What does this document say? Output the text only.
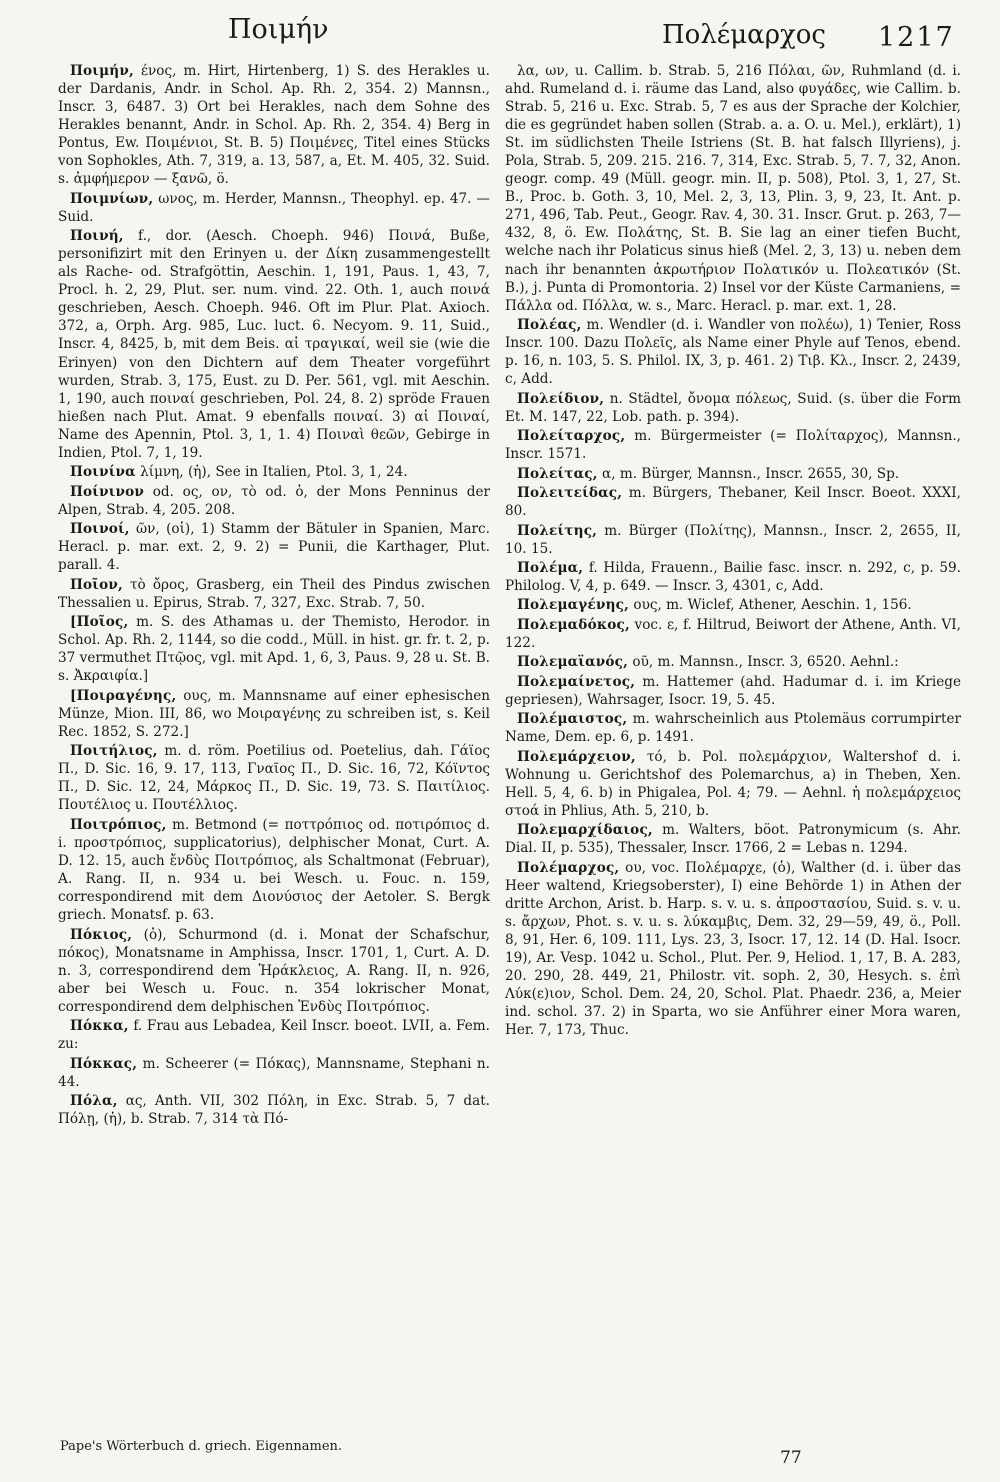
Ποιμήν	Πολέμαρχος 1217

Ποιμήν, ένος, m. Hirt, Hirtenberg, 1) S. des Herakles u. der Dardanis, Andr. in Schol. Ap. Rh. 2, 354. 2) Mannsn., Inscr. 3, 6487. 3) Ort bei Herakles, nach dem Sohne des Herakles benannt, Andr. in Schol. Ap. Rh. 2, 354. 4) Berg in Pontus, Ew. Ποιμένιοι, St. B. 5) Ποιμένες, Titel eines Stücks von Sophokles, Ath. 7, 319, a. 13, 587, a, Et. M. 405, 32. Suid. s. ἀμφήμερον — ξανῶ, ö.

Ποιμνίων, ωνος, m. Herder, Mannsn., Theophyl. ep. 47. — Suid.

Ποινή, f., dor. (Aesch. Choeph. 946) Ποινά, Buße, personifizirt mit den Erinyen u. der Δίκη zusammengestellt als Rache- od. Strafgöttin, Aeschin. 1, 191, Paus. 1, 43, 7, Procl. h. 2, 29, Plut. ser. num. vind. 22. Oth. 1, auch ποινά geschrieben, Aesch. Choeph. 946. Oft im Plur. Plat. Axioch. 372, a, Orph. Arg. 985, Luc. luct. 6. Necyom. 9. 11, Suid., Inscr. 4, 8425, b, mit dem Beis. αἱ τραγικαί, weil sie (wie die Erinyen) von den Dichtern auf dem Theater vorgeführt wurden, Strab. 3, 175, Eust. zu D. Per. 561, vgl. mit Aeschin. 1, 190, auch ποιναί geschrieben, Pol. 24, 8. 2) spröde Frauen hießen nach Plut. Amat. 9 ebenfalls ποιναί. 3) αἱ Ποιναί, Name des Apennin, Ptol. 3, 1, 1. 4) Ποιναὶ θεῶν, Gebirge in Indien, Ptol. 7, 1, 19.

Ποινίνα λίμνη, (ἡ), See in Italien, Ptol. 3, 1, 24.

Ποίνινον od. ος, ον, τὸ od. ὁ, der Mons Penninus der Alpen, Strab. 4, 205. 208.

Ποινοί, ῶν, (οἱ), 1) Stamm der Bätuler in Spanien, Marc. Heracl. p. mar. ext. 2, 9. 2) = Punii, die Karthager, Plut. parall. 4.

Ποῖον, τὸ ὄρος, Grasberg, ein Theil des Pindus zwischen Thessalien u. Epirus, Strab. 7, 327, Exc. Strab. 7, 50.

[Ποῖος, m. S. des Athamas u. der Themisto, Herodor. in Schol. Ap. Rh. 2, 1144, so die codd., Müll. in hist. gr. fr. t. 2, p. 37 vermuthet Πτῷος, vgl. mit Apd. 1, 6, 3, Paus. 9, 28 u. St. B. s. Ἀκραιφία.]

[Ποιραγένης, ους, m. Mannsname auf einer ephesischen Münze, Mion. III, 86, wo Μοιραγένης zu schreiben ist, s. Keil Rec. 1852, S. 272.]

Ποιτήλιος, m. d. röm. Poetilius od. Poetelius, dah. Γάϊος Π., D. Sic. 16, 9. 17, 113, Γναῖος Π., D. Sic. 16, 72, Κόϊντος Π., D. Sic. 12, 24, Μάρκος Π., D. Sic. 19, 73. S. Παιτίλιος. Πουτέλιος u. Πουτέλλιος.

Ποιτρόπιος, m. Betmond (= ποττρόπιος od. ποτιρόπιος d. i. προστρόπιος, supplicatorius), delphischer Monat, Curt. A. D. 12. 15, auch ἔνδὺς Ποιτρόπιος, als Schaltmonat (Februar), A. Rang. II, n. 934 u. bei Wesch. u. Fouc. n. 159, correspondirend mit dem Διονύσιος der Aetoler. S. Bergk griech. Monatsf. p. 63.

Πόκιος, (ὁ), Schurmond (d. i. Monat der Schafschur, πόκος), Monatsname in Amphissa, Inscr. 1701, 1, Curt. A. D. n. 3, correspondirend dem Ἡράκλειος, A. Rang. II, n. 926, aber bei Wesch u. Fouc. n. 354 lokrischer Monat, correspondirend dem delphischen Ἐνδὺς Ποιτρόπιος.

Πόκκα, f. Frau aus Lebadea, Keil Inscr. boeot. LVII, a. Fem. zu:

Πόκκας, m. Scheerer (= Πόκας), Mannsname, Stephani n. 44.

Πόλα, ας, Anth. VII, 302 Πόλη, in Exc. Strab. 5, 7 dat. Πόλῃ, (ἡ), b. Strab. 7, 314 τὰ Πό-

λα, ων, u. Callim. b. Strab. 5, 216 Πόλαι, ῶν, Ruhmland (d. i. ahd. Rumeland d. i. räume das Land, also φυγάδες, wie Callim. b. Strab. 5, 216 u. Exc. Strab. 5, 7 es aus der Sprache der Kolchier, die es gegründet haben sollen (Strab. a. a. O. u. Mel.), erklärt), 1) St. im südlichsten Theile Istriens (St. B. hat falsch Illyriens), j. Pola, Strab. 5, 209. 215. 216. 7, 314, Exc. Strab. 5, 7. 7, 32, Anon. geogr. comp. 49 (Müll. geogr. min. II, p. 508), Ptol. 3, 1, 27, St. B., Proc. b. Goth. 3, 10, Mel. 2, 3, 13, Plin. 3, 9, 23, It. Ant. p. 271, 496, Tab. Peut., Geogr. Rav. 4, 30. 31. Inscr. Grut. p. 263, 7—432, 8, ö. Ew. Πολάτης, St. B. Sie lag an einer tiefen Bucht, welche nach ihr Polaticus sinus hieß (Mel. 2, 3, 13) u. neben dem nach ihr benannten ἀκρωτήριον Πολατικόν u. Πολεατικόν (St. B.), j. Punta di Promontoria. 2) Insel vor der Küste Carmaniens, = Πάλλα od. Πόλλα, w. s., Marc. Heracl. p. mar. ext. 1, 28.

Πολέας, m. Wendler (d. i. Wandler von πολέω), 1) Tenier, Ross Inscr. 100. Dazu Πολεῖς, als Name einer Phyle auf Tenos, ebend. p. 16, n. 103, 5. S. Philol. IX, 3, p. 461. 2) Τιβ. Κλ., Inscr. 2, 2439, c, Add.

Πολείδιον, n. Städtel, ὄνομα πόλεως, Suid. (s. über die Form Et. M. 147, 22, Lob. path. p. 394).

Πολείταρχος, m. Bürgermeister (= Πολίταρχος), Mannsn., Inscr. 1571.

Πολείτας, α, m. Bürger, Mannsn., Inscr. 2655, 30, Sp.

Πολειτείδας, m. Bürgers, Thebaner, Keil Inscr. Boeot. XXXI, 80.

Πολείτης, m. Bürger (Πολίτης), Mannsn., Inscr. 2, 2655, II, 10. 15.

Πολέμα, f. Hilda, Frauenn., Bailie fasc. inscr. n. 292, c, p. 59. Philolog. V, 4, p. 649. — Inscr. 3, 4301, c, Add.

Πολεμαγένης, ους, m. Wiclef, Athener, Aeschin. 1, 156.

Πολεμαδόκος, voc. ε, f. Hiltrud, Beiwort der Athene, Anth. VI, 122.

Πολεμαϊανός, οῦ, m. Mannsn., Inscr. 3, 6520. Aehnl.:

Πολεμαίνετος, m. Hattemer (ahd. Hadumar d. i. im Kriege gepriesen), Wahrsager, Isocr. 19, 5. 45.

Πολέμαιστος, m. wahrscheinlich aus Ptolemäus corrumpirter Name, Dem. ep. 6, p. 1491.

Πολεμάρχειον, τό, b. Pol. πολεμάρχιον, Waltershof d. i. Wohnung u. Gerichtshof des Polemarchus, a) in Theben, Xen. Hell. 5, 4, 6. b) in Phigalea, Pol. 4; 79. — Aehnl. ἡ πολεμάρχειος στοά in Phlius, Ath. 5, 210, b.

Πολεμαρχίδαιος, m. Walters, böot. Patronymicum (s. Ahr. Dial. II, p. 535), Thessaler, Inscr. 1766, 2 = Lebas n. 1294.

Πολέμαρχος, ου, voc. Πολέμαρχε, (ὁ), Walther (d. i. über das Heer waltend, Kriegsoberster), I) eine Behörde 1) in Athen der dritte Archon, Arist. b. Harp. s. v. u. s. ἀπροστασίου, Suid. s. v. u. s. ἄρχων, Phot. s. v. u. s. λύκαμβις, Dem. 32, 29—59, 49, ö., Poll. 8, 91, Her. 6, 109. 111, Lys. 23, 3, Isocr. 17, 12. 14 (D. Hal. Isocr. 19), Ar. Vesp. 1042 u. Schol., Plut. Per. 9, Heliod. 1, 17, B. A. 283, 20. 290, 28. 449, 21, Philostr. vit. soph. 2, 30, Hesych. s. ἐπὶ Λύκ(ε)ιον, Schol. Dem. 24, 20, Schol. Plat. Phaedr. 236, a, Meier ind. schol. 37. 2) in Sparta, wo sie Anführer einer Mora waren, Her. 7, 173, Thuc.

Pape's Wörterbuch d. griech. Eigennamen.
77
